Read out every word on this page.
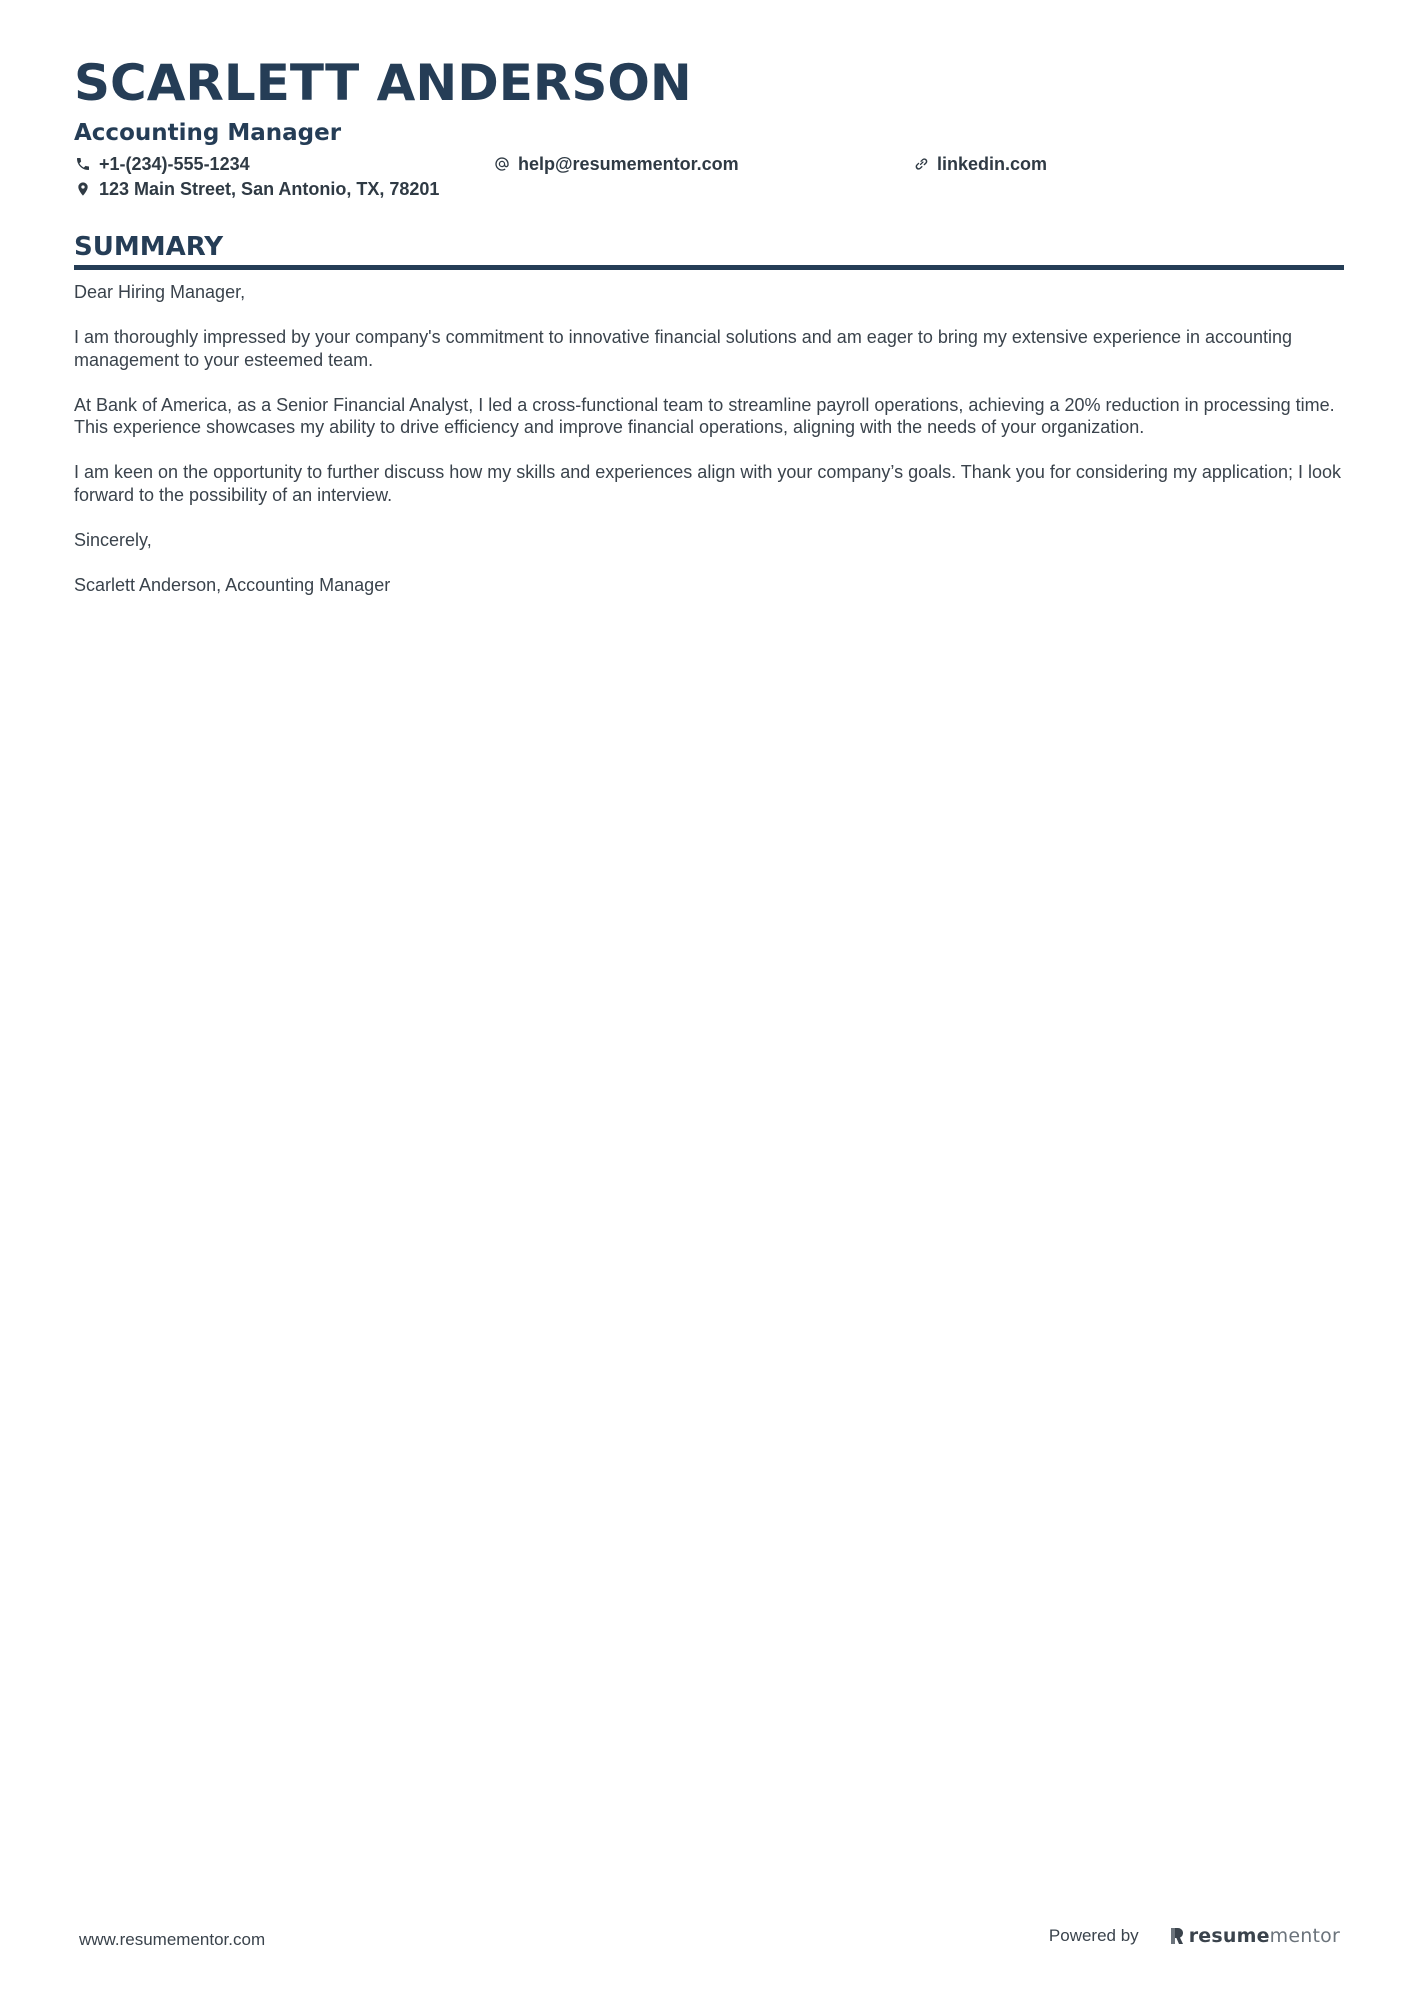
SCARLETT ANDERSON
Accounting Manager
+1-(234)-555-1234	help@resumementor.com	linkedin.com
123 Main Street, San Antonio, TX, 78201
SUMMARY

Dear Hiring Manager,

I am thoroughly impressed by your company's commitment to innovative financial solutions and am eager to bring my extensive experience in accounting management to your esteemed team.

At Bank of America, as a Senior Financial Analyst, I led a cross-functional team to streamline payroll operations, achieving a 20% reduction in processing time. This experience showcases my ability to drive efficiency and improve financial operations, aligning with the needs of your organization.

I am keen on the opportunity to further discuss how my skills and experiences align with your company’s goals. Thank you for considering my application; I look forward to the possibility of an interview.

Sincerely,

Scarlett Anderson, Accounting Manager

www.resumementor.com	Powered by	resumementor
